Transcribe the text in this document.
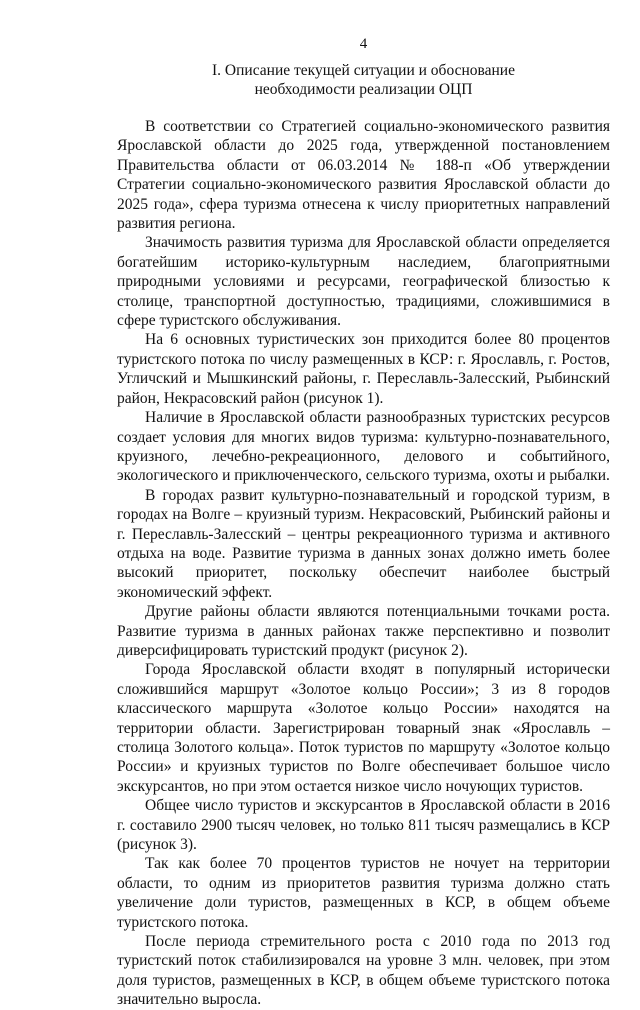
4
I. Описание текущей ситуации и обоснование
необходимости реализации ОЦП

В соответствии со Стратегией социально-экономического развития Ярославской области до 2025 года, утвержденной постановлением Правительства области от 06.03.2014 № 188-п «Об утверждении Стратегии социально-экономического развития Ярославской области до 2025 года», сфера туризма отнесена к числу приоритетных направлений развития региона.

Значимость развития туризма для Ярославской области определяется богатейшим историко-культурным наследием, благоприятными природными условиями и ресурсами, географической близостью к столице, транспортной доступностью, традициями, сложившимися в сфере туристского обслуживания.

На 6 основных туристических зон приходится более 80 процентов туристского потока по числу размещенных в КСР: г. Ярославль, г. Ростов, Угличский и Мышкинский районы, г. Переславль-Залесский, Рыбинский район, Некрасовский район (рисунок 1).

Наличие в Ярославской области разнообразных туристских ресурсов создает условия для многих видов туризма: культурно-познавательного, круизного, лечебно-рекреационного, делового и событийного, экологического и приключенческого, сельского туризма, охоты и рыбалки.

В городах развит культурно-познавательный и городской туризм, в городах на Волге – круизный туризм. Некрасовский, Рыбинский районы и г. Переславль-Залесский – центры рекреационного туризма и активного отдыха на воде. Развитие туризма в данных зонах должно иметь более высокий приоритет, поскольку обеспечит наиболее быстрый экономический эффект.

Другие районы области являются потенциальными точками роста. Развитие туризма в данных районах также перспективно и позволит диверсифицировать туристский продукт (рисунок 2).

Города Ярославской области входят в популярный исторически сложившийся маршрут «Золотое кольцо России»; 3 из 8 городов классического маршрута «Золотое кольцо России» находятся на территории области. Зарегистрирован товарный знак «Ярославль – столица Золотого кольца». Поток туристов по маршруту «Золотое кольцо России» и круизных туристов по Волге обеспечивает большое число экскурсантов, но при этом остается низкое число ночующих туристов.

Общее число туристов и экскурсантов в Ярославской области в 2016 г. составило 2900 тысяч человек, но только 811 тысяч размещались в КСР (рисунок 3).

Так как более 70 процентов туристов не ночует на территории области, то одним из приоритетов развития туризма должно стать увеличение доли туристов, размещенных в КСР, в общем объеме туристского потока.

После периода стремительного роста с 2010 года по 2013 год туристский поток стабилизировался на уровне 3 млн. человек, при этом доля туристов, размещенных в КСР, в общем объеме туристского потока значительно выросла.
